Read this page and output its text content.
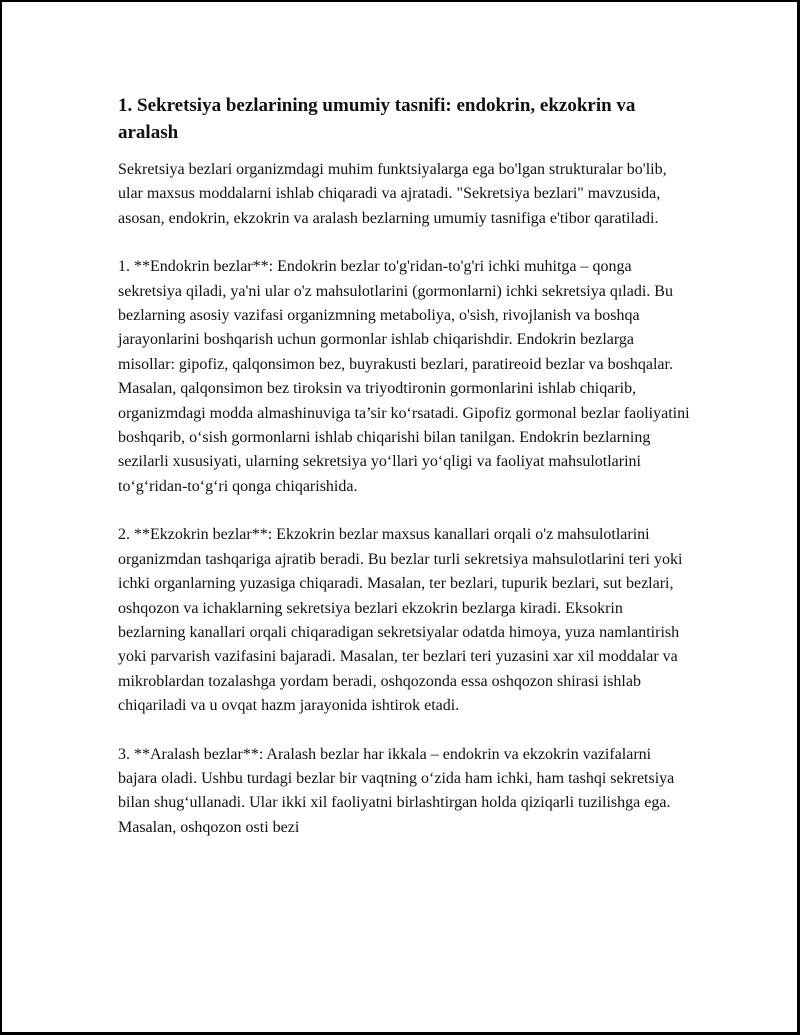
1. Sekretsiya bezlarining umumiy tasnifi: endokrin, ekzokrin va aralash

Sekretsiya bezlari organizmdagi muhim funktsiyalarga ega bo'lgan strukturalar bo'lib, ular maxsus moddalarni ishlab chiqaradi va ajratadi. "Sekretsiya bezlari" mavzusida, asosan, endokrin, ekzokrin va aralash bezlarning umumiy tasnifiga e'tibor qaratiladi.

1. **Endokrin bezlar**: Endokrin bezlar to'g'ridan-to'g'ri ichki muhitga – qonga sekretsiya qiladi, ya'ni ular o'z mahsulotlarini (gormonlarni) ichki sekretsiya qıladi. Bu bezlarning asosiy vazifasi organizmning metaboliya, o'sish, rivojlanish va boshqa jarayonlarini boshqarish uchun gormonlar ishlab chiqarishdir. Endokrin bezlarga misollar: gipofiz, qalqonsimon bez, buyrakusti bezlari, paratireoid bezlar va boshqalar. Masalan, qalqonsimon bez tiroksin va triyodtironin gormonlarini ishlab chiqarib, organizmdagi modda almashinuviga ta’sir ko‘rsatadi. Gipofiz gormonal bezlar faoliyatini boshqarib, o‘sish gormonlarni ishlab chiqarishi bilan tanilgan. Endokrin bezlarning sezilarli xususiyati, ularning sekretsiya yo‘llari yo‘qligi va faoliyat mahsulotlarini to‘g‘ridan-to‘g‘ri qonga chiqarishida.

2. **Ekzokrin bezlar**: Ekzokrin bezlar maxsus kanallari orqali o'z mahsulotlarini organizmdan tashqariga ajratib beradi. Bu bezlar turli sekretsiya mahsulotlarini teri yoki ichki organlarning yuzasiga chiqaradi. Masalan, ter bezlari, tupurik bezlari, sut bezlari, oshqozon va ichaklarning sekretsiya bezlari ekzokrin bezlarga kiradi. Eksokrin bezlarning kanallari orqali chiqaradigan sekretsiyalar odatda himoya, yuza namlantirish yoki parvarish vazifasini bajaradi. Masalan, ter bezlari teri yuzasini xar xil moddalar va mikroblardan tozalashga yordam beradi, oshqozonda essa oshqozon shirasi ishlab chiqariladi va u ovqat hazm jarayonida ishtirok etadi.

3. **Aralash bezlar**: Aralash bezlar har ikkala – endokrin va ekzokrin vazifalarni bajara oladi. Ushbu turdagi bezlar bir vaqtning o‘zida ham ichki, ham tashqi sekretsiya bilan shug‘ullanadi. Ular ikki xil faoliyatni birlashtirgan holda qiziqarli tuzilishga ega. Masalan, oshqozon osti bezi
